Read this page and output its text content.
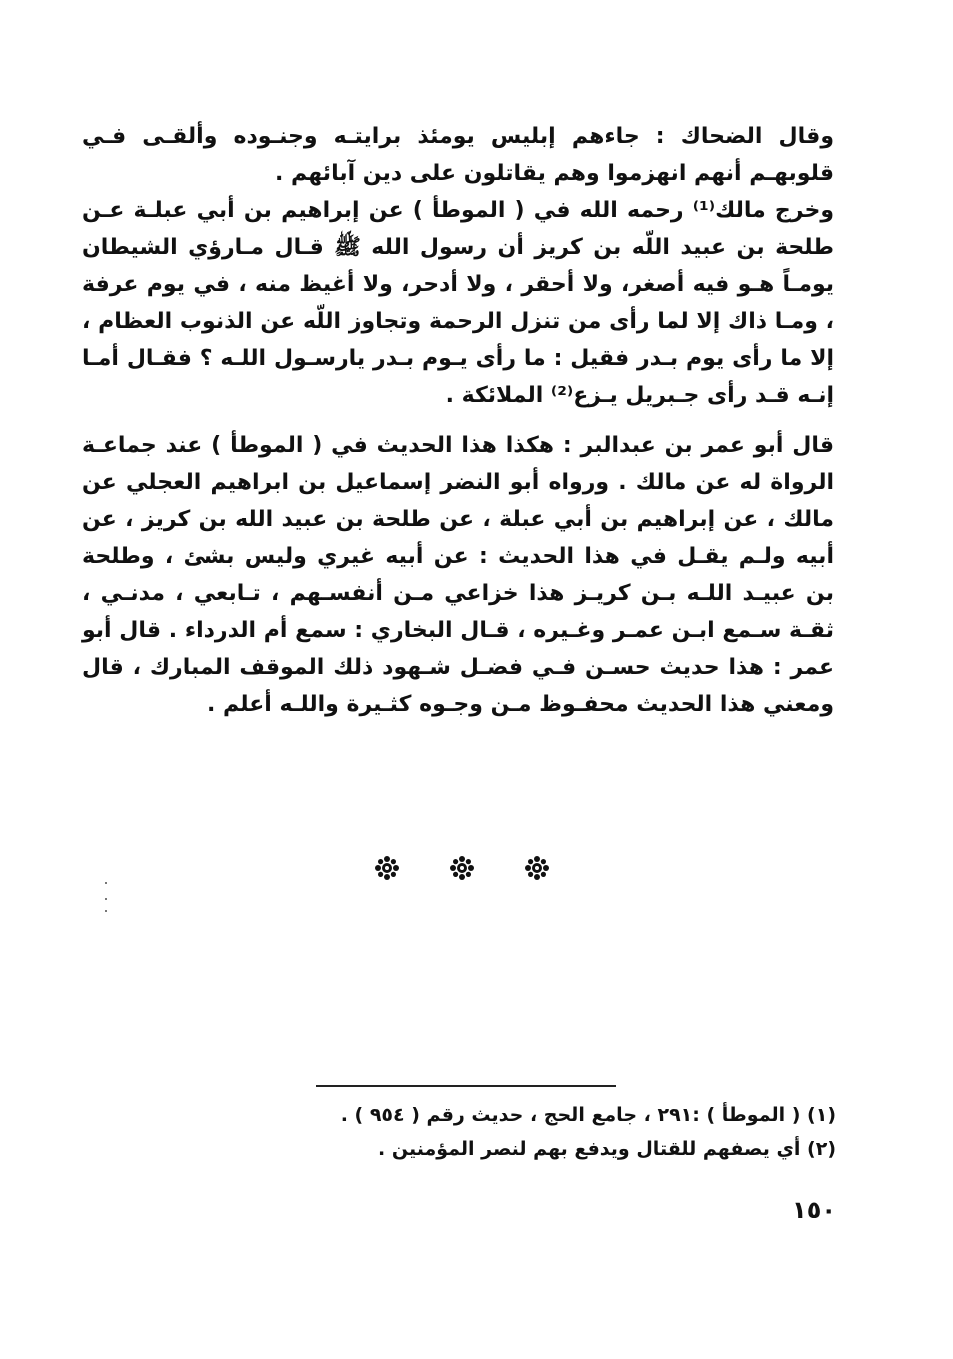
وقال الضحاك : جاءهم إبليس يومئذ برايتـه وجنـوده وألقـى فـي قلوبهـم أنهم انهزموا وهم يقاتلون على دين آبائهم .

وخرج مالك⁽¹⁾ رحمه الله في ( الموطأ ) عن إبراهيم بن أبي عبلـة عـن طلحة بن عبيد اللّه بن كريز أن رسول الله ﷺ قـال مـارؤي الشيطان يومـاً هـو فيه أصغر، ولا أحقر ، ولا أدحر، ولا أغيظ منه ، في يوم عرفة ، ومـا ذاك إلا لما رأى من تنزل الرحمة وتجاوز اللّه عن الذنوب العظام ، إلا ما رأى يوم بـدر فقيل : ما رأى يـوم بـدر يارسـول اللـه ؟ فقـال أمـا إنـه قـد رأى جـبريل يـزع⁽²⁾ الملائكة .

قال أبو عمر بن عبدالبر : هكذا هذا الحديث في ( الموطأ ) عند جماعـة الرواة له عن مالك . ورواه أبو النضر إسماعيل بن ابراهيم العجلي عن مالك ، عن إبراهيم بن أبي عبلة ، عن طلحة بن عبيد الله بن كريز ، عن أبيه ولـم يقـل في هذا الحديث : عن أبيه غيري وليس بشئ ، وطلحة بن عبيـد اللـه بـن كريـز هذا خزاعي مـن أنفسـهم ، تـابعي ، مدنـي ، ثقـة سـمع ابـن عمـر وغـيره ، قـال البخاري : سمع أم الدرداء . قال أبو عمر : هذا حديث حسـن فـي فضـل شـهود ذلك الموقف المبارك ، قال ومعني هذا الحديث محفـوظ مـن وجـوه كثـيرة واللـه أعلم .

(١) ( الموطأ ) :٢٩١ ، جامع الحج ، حديث رقم ( ٩٥٤ ) .

(٢) أي يصفهم للقتال ويدفع بهم لنصر المؤمنين .

١٥٠
